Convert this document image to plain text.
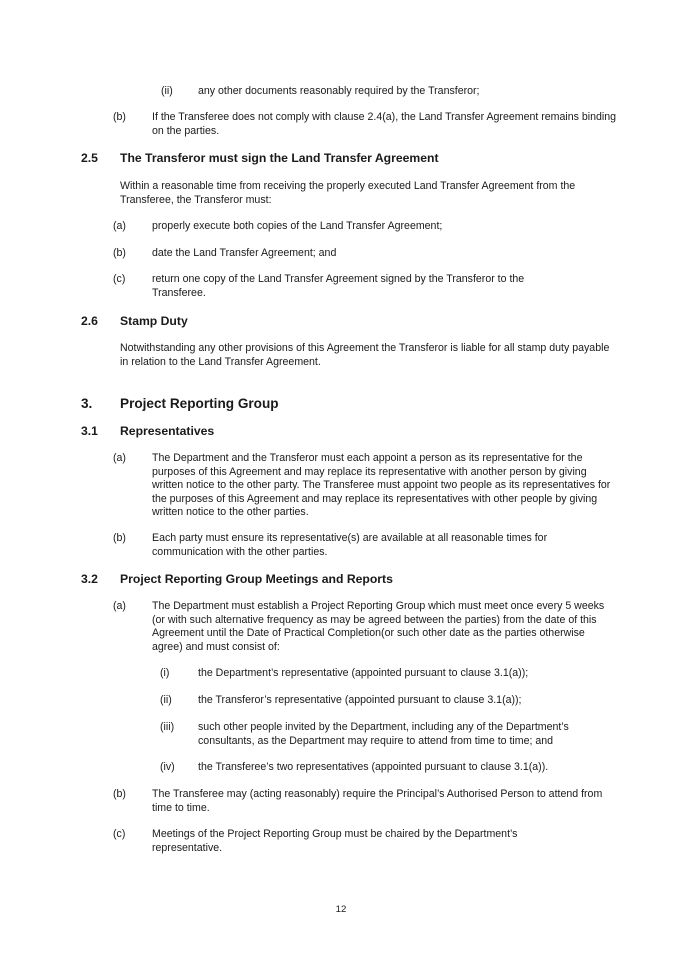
(ii) any other documents reasonably required by the Transferor;
(b) If the Transferee does not comply with clause 2.4(a), the Land Transfer Agreement remains binding on the parties.
2.5 The Transferor must sign the Land Transfer Agreement
Within a reasonable time from receiving the properly executed Land Transfer Agreement from the Transferee, the Transferor must:
(a) properly execute both copies of the Land Transfer Agreement;
(b) date the Land Transfer Agreement; and
(c)	return one copy of the Land Transfer Agreement signed by the Transferor to the Transferee.
2.6 Stamp Duty
Notwithstanding any other provisions of this Agreement the Transferor is liable for all stamp duty payable in relation to the Land Transfer Agreement.
3. Project Reporting Group
3.1 Representatives
(a) The Department and the Transferor must each appoint a person as its representative for the purposes of this Agreement and may replace its representative with another person by giving written notice to the other party. The Transferee must appoint two people as its representatives for the purposes of this Agreement and may replace its representatives with other people by giving written notice to the other parties.
(b) Each party must ensure its representative(s) are available at all reasonable times for communication with the other parties.
3.2 Project Reporting Group Meetings and Reports
(a) The Department must establish a Project Reporting Group which must meet once every 5 weeks (or with such alternative frequency as may be agreed between the parties) from the date of this Agreement until the Date of Practical Completion(or such other date as the parties otherwise agree) and must consist of:
(i)	the Department’s representative (appointed pursuant to clause 3.1(a));
(ii) the Transferor’s representative (appointed pursuant to clause 3.1(a));
(iii) such other people invited by the Department, including any of the Department’s consultants, as the Department may require to attend from time to time; and
(iv) the Transferee’s two representatives (appointed pursuant to clause 3.1(a)).
(b) The Transferee may (acting reasonably) require the Principal’s Authorised Person to attend from time to time.
(c)	Meetings of the Project Reporting Group must be chaired by the Department’s representative.
12
